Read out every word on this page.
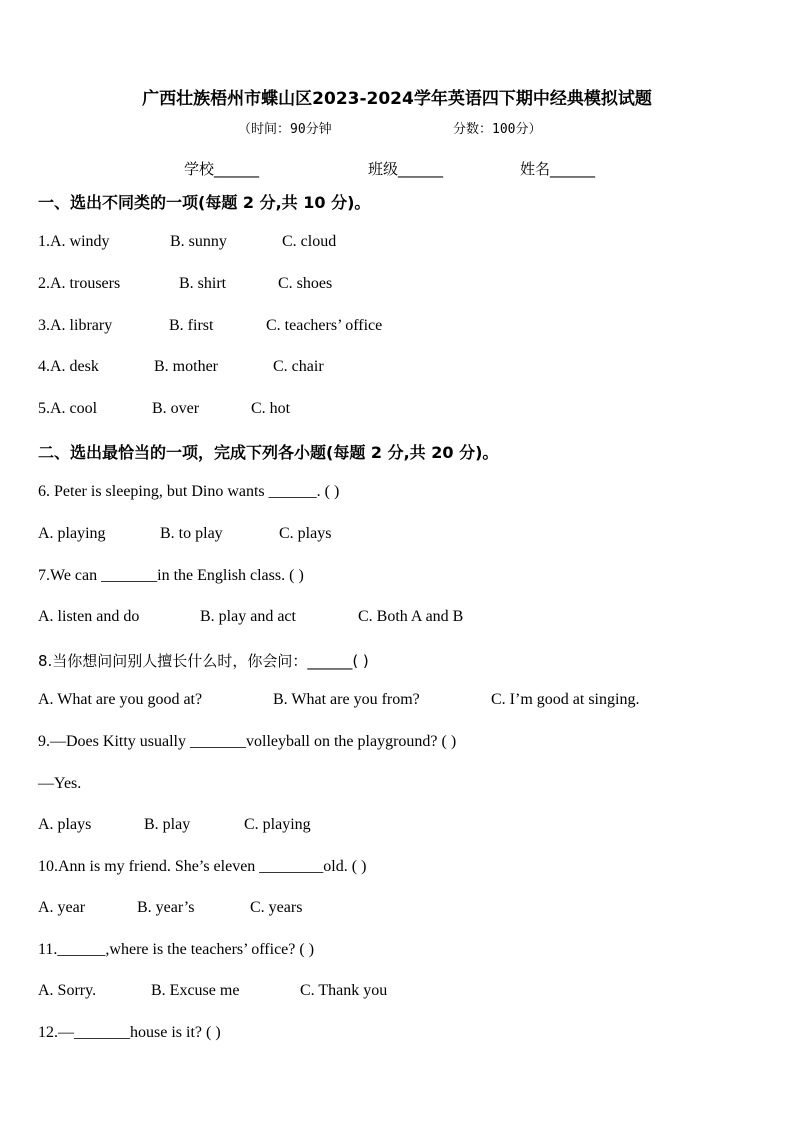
广西壮族梧州市蝶山区2023-2024学年英语四下期中经典模拟试题
（时间：90分钟	分数：100分）
学校______	班级______	姓名______
一、选出不同类的一项(每题 2 分,共 10 分)。
1.A. windy	B. sunny	C. cloud
2.A. trousers	B. shirt	C. shoes
3.A. library	B. first	C. teachers’ office
4.A. desk	B. mother	C. chair
5.A. cool	B. over	C. hot
二、选出最恰当的一项，完成下列各小题(每题 2 分,共 20 分)。
6. Peter is sleeping, but Dino wants ______. ( )
A. playing	B. to play	C. plays
7.We can _______in the English class. ( )
A. listen and do	B. play and act	C. Both A and B
8.当你想问问别人擅长什么时，你会问：______( )
A. What are you good at?	B. What are you from?	C. I’m good at singing.
9.—Does Kitty usually _______volleyball on the playground? ( )
—Yes.
A. plays	B. play	C. playing
10.Ann is my friend. She’s eleven ________old. ( )
A. year	B. year’s	C. years
11.______,where is the teachers’ office? ( )
A. Sorry.	B. Excuse me	C. Thank you
12.—_______house is it? ( )
